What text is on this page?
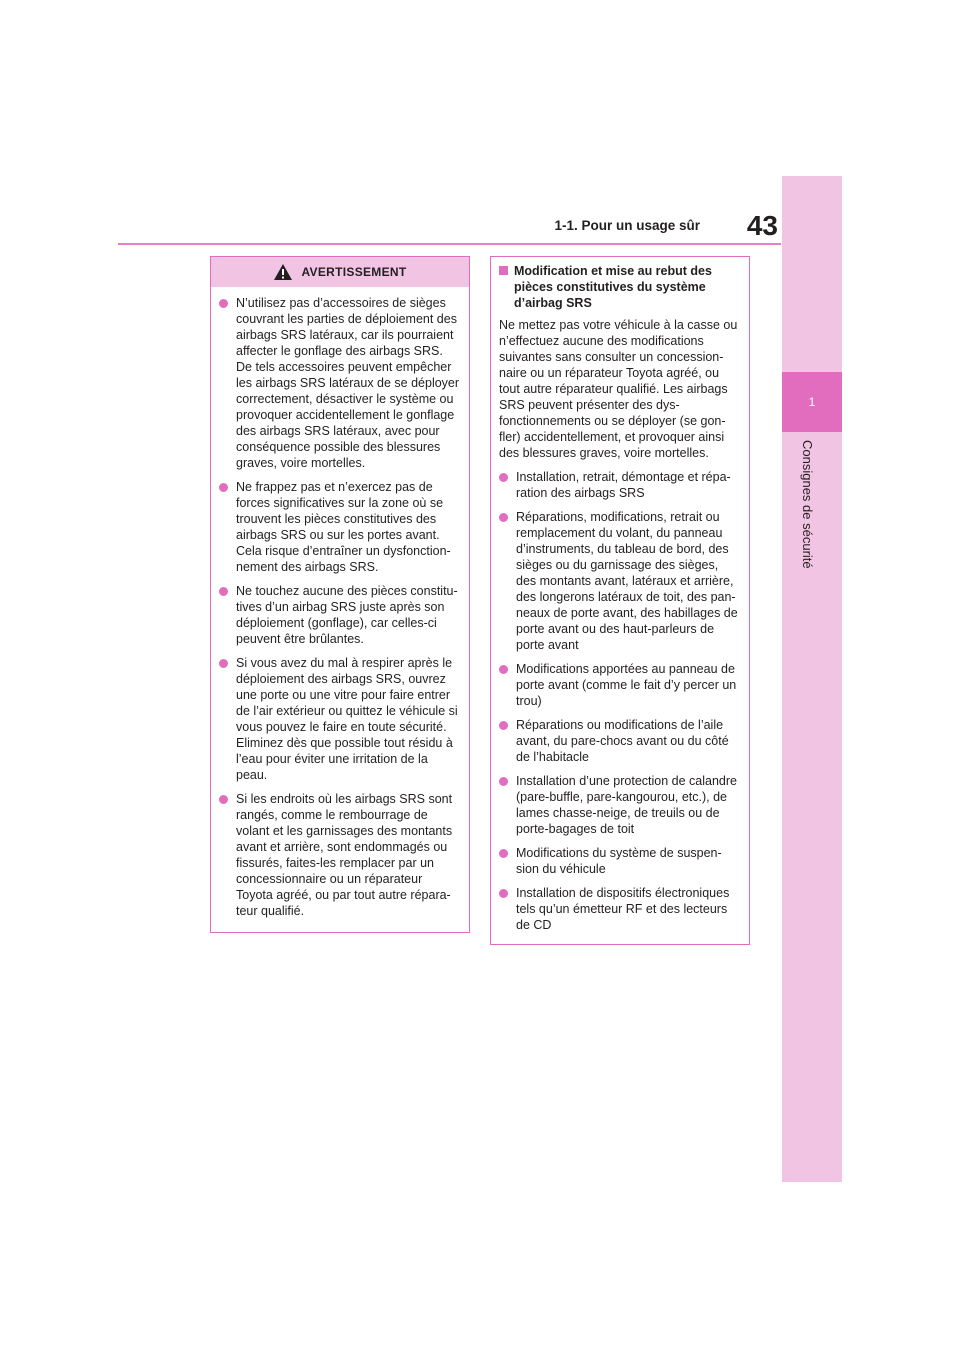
43
1-1. Pour un usage sûr
1
Consignes de sécurité
AVERTISSEMENT
N’utilisez pas d’accessoires de sièges couvrant les parties de déploiement des airbags SRS latéraux, car ils pourraient affecter le gonflage des airbags SRS. De tels accessoires peuvent empêcher les airbags SRS latéraux de se déployer correctement, désactiver le système ou provoquer accidentellement le gonflage des airbags SRS latéraux, avec pour conséquence possible des blessures graves, voire mortelles.
Ne frappez pas et n’exercez pas de forces significatives sur la zone où se trouvent les pièces constitutives des airbags SRS ou sur les portes avant. Cela risque d’entraîner un dysfonction- nement des airbags SRS.
Ne touchez aucune des pièces constitu- tives d’un airbag SRS juste après son déploiement (gonflage), car celles-ci peuvent être brûlantes.
Si vous avez du mal à respirer après le déploiement des airbags SRS, ouvrez une porte ou une vitre pour faire entrer de l’air extérieur ou quittez le véhicule si vous pouvez le faire en toute sécurité. Eliminez dès que possible tout résidu à l’eau pour éviter une irritation de la peau.
Si les endroits où les airbags SRS sont rangés, comme le rembourrage de volant et les garnissages des montants avant et arrière, sont endommagés ou fissurés, faites-les remplacer par un concessionnaire ou un réparateur Toyota agréé, ou par tout autre répara- teur qualifié.
Modification et mise au rebut des pièces constitutives du système d’airbag SRS
Ne mettez pas votre véhicule à la casse ou n’effectuez aucune des modifications suivantes sans consulter un concession- naire ou un réparateur Toyota agréé, ou tout autre réparateur qualifié. Les airbags SRS peuvent présenter des dys- fonctionnements ou se déployer (se gon- fler) accidentellement, et provoquer ainsi des blessures graves, voire mortelles.
Installation, retrait, démontage et répa- ration des airbags SRS
Réparations, modifications, retrait ou remplacement du volant, du panneau d’instruments, du tableau de bord, des sièges ou du garnissage des sièges, des montants avant, latéraux et arrière, des longerons latéraux de toit, des pan- neaux de porte avant, des habillages de porte avant ou des haut-parleurs de porte avant
Modifications apportées au panneau de porte avant (comme le fait d’y percer un trou)
Réparations ou modifications de l’aile avant, du pare-chocs avant ou du côté de l’habitacle
Installation d’une protection de calandre (pare-buffle, pare-kangourou, etc.), de lames chasse-neige, de treuils ou de porte-bagages de toit
Modifications du système de suspen- sion du véhicule
Installation de dispositifs électroniques tels qu’un émetteur RF et des lecteurs de CD
